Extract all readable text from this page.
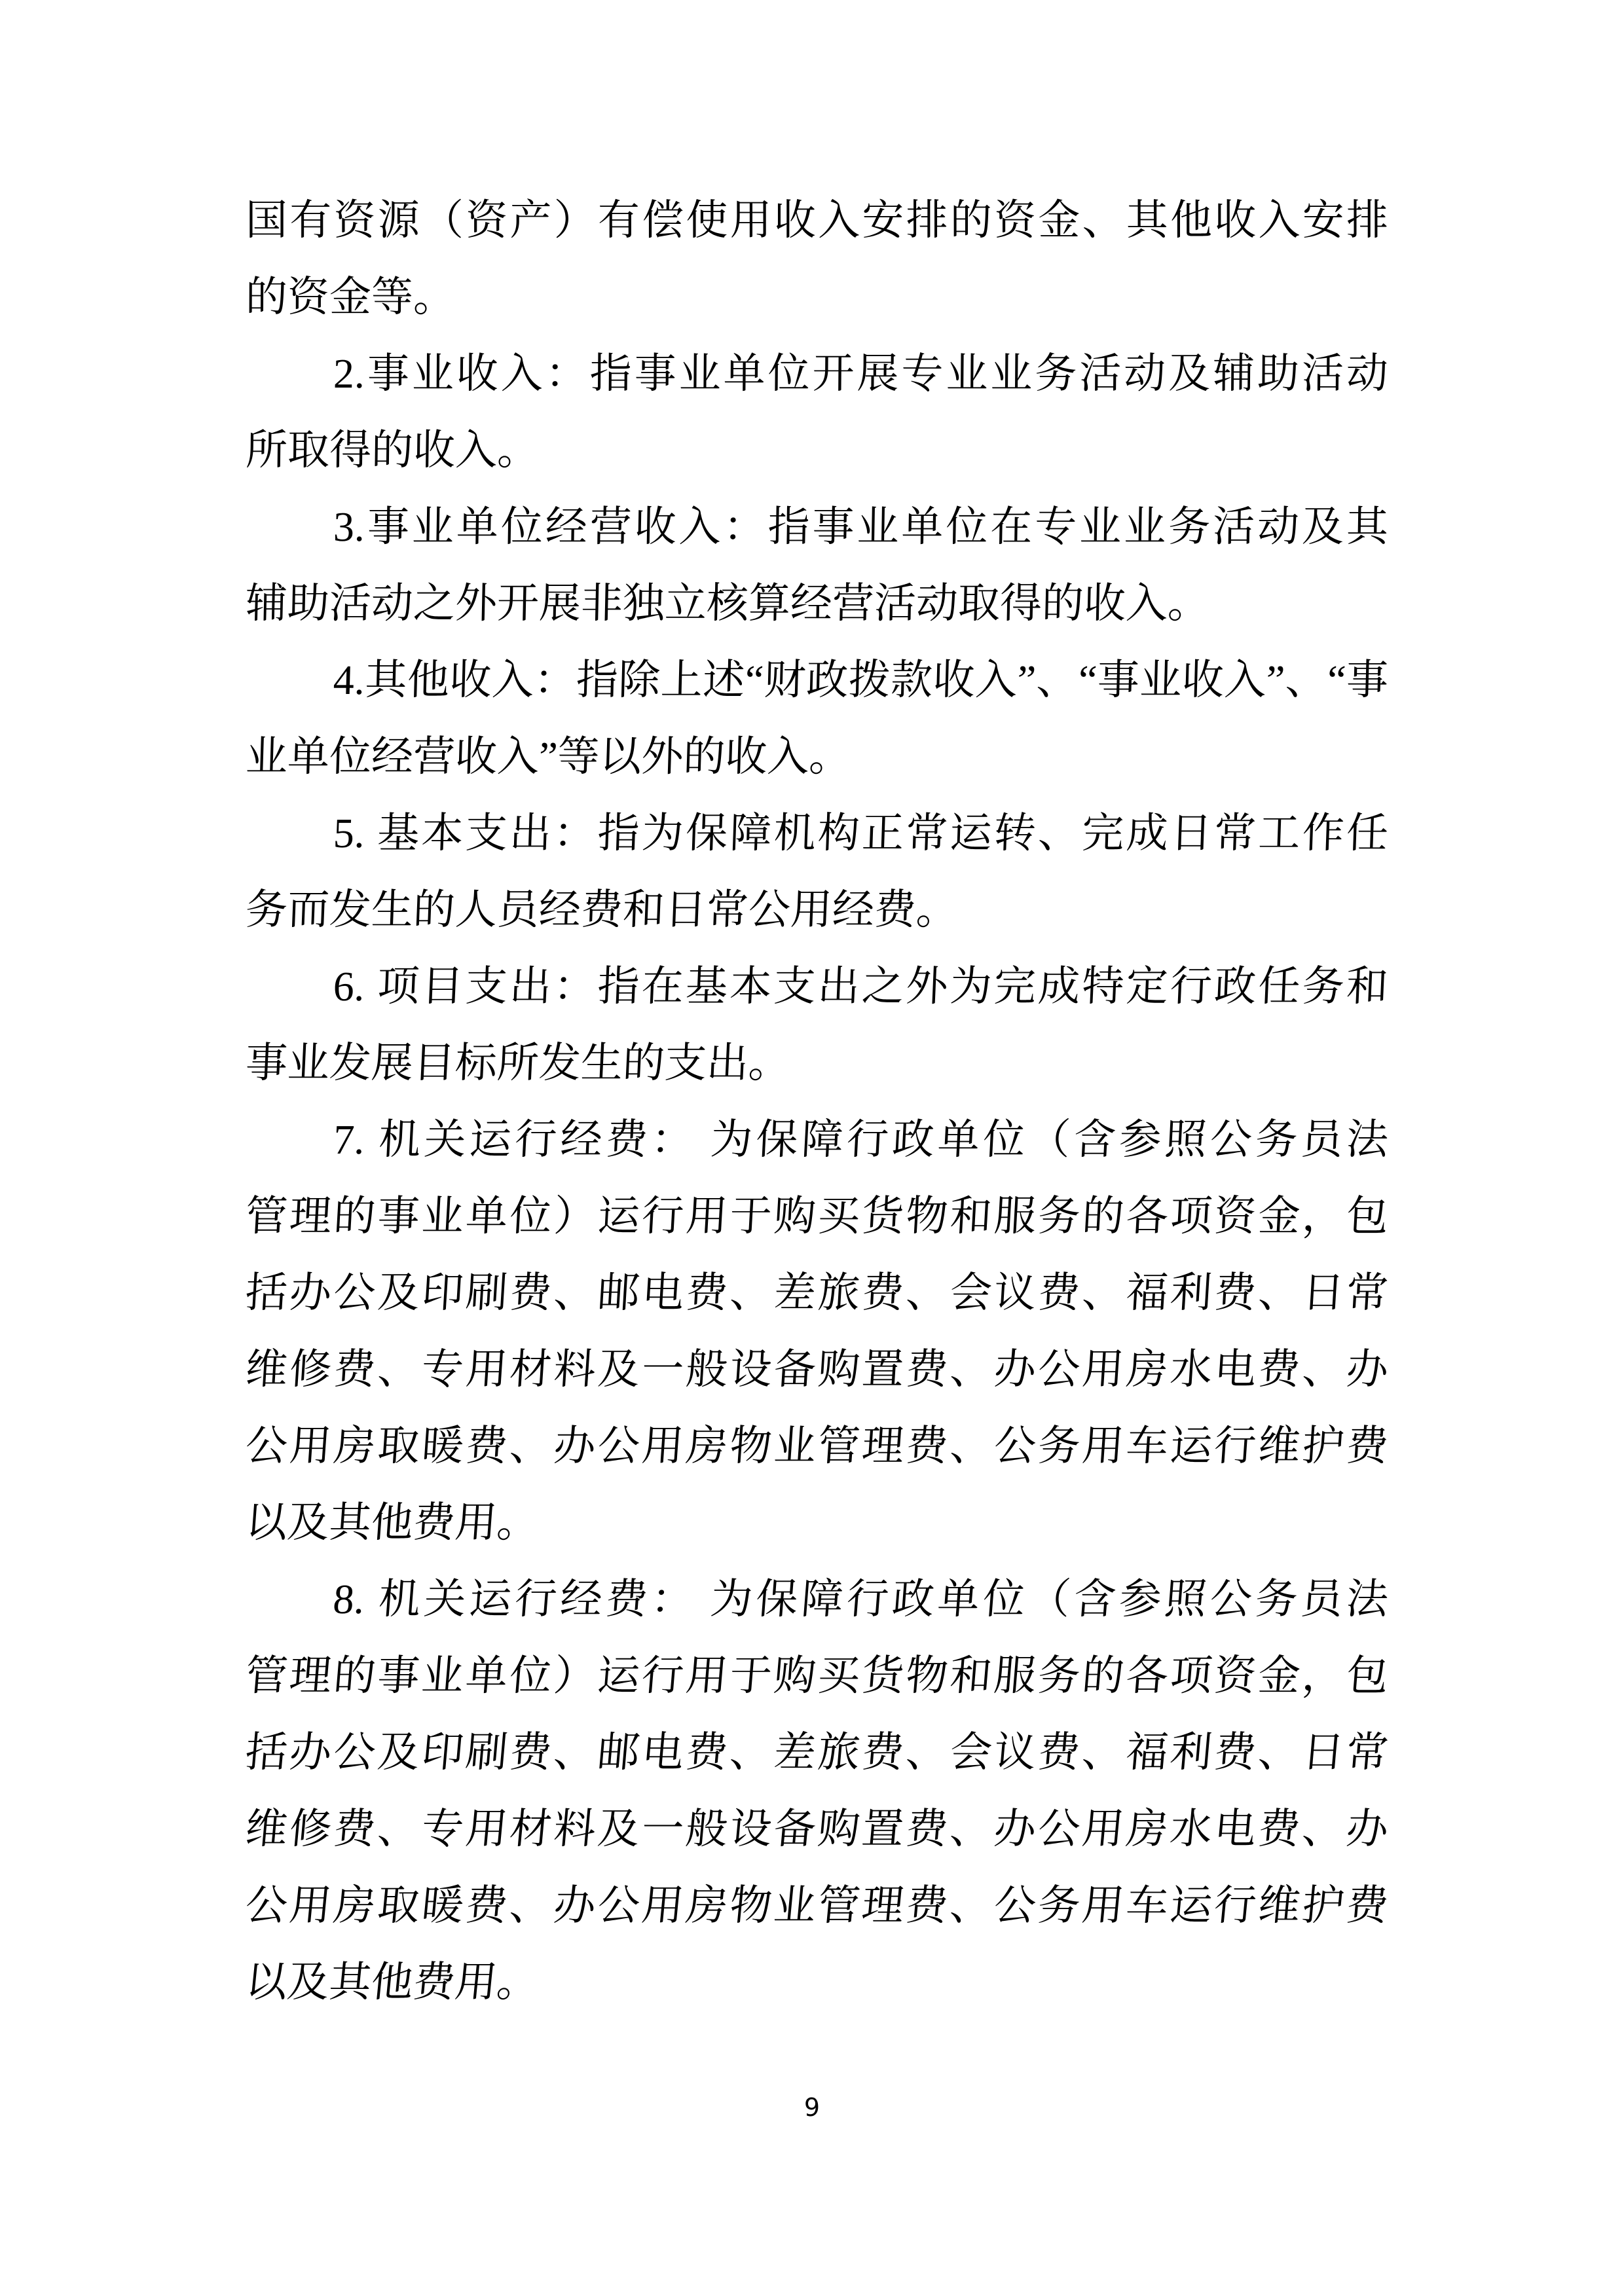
国有资源（资产）有偿使用收入安排的资金、其他收入安排
的资金等。
2.事业收入：指事业单位开展专业业务活动及辅助活动
所取得的收入。
3.事业单位经营收入：指事业单位在专业业务活动及其
辅助活动之外开展非独立核算经营活动取得的收入。
4.其他收入：指除上述“财政拨款收入”、“事业收入”、“事
业单位经营收入”等以外的收入。
5. 基本支出：指为保障机构正常运转、完成日常工作任
务而发生的人员经费和日常公用经费。
6. 项目支出：指在基本支出之外为完成特定行政任务和
事业发展目标所发生的支出。
7. 机关运行经费： 为保障行政单位（含参照公务员法
管理的事业单位）运行用于购买货物和服务的各项资金，包
括办公及印刷费、邮电费、差旅费、会议费、福利费、日常
维修费、专用材料及一般设备购置费、办公用房水电费、办
公用房取暖费、办公用房物业管理费、公务用车运行维护费
以及其他费用。
8. 机关运行经费： 为保障行政单位（含参照公务员法
管理的事业单位）运行用于购买货物和服务的各项资金，包
括办公及印刷费、邮电费、差旅费、会议费、福利费、日常
维修费、专用材料及一般设备购置费、办公用房水电费、办
公用房取暖费、办公用房物业管理费、公务用车运行维护费
以及其他费用。
9
